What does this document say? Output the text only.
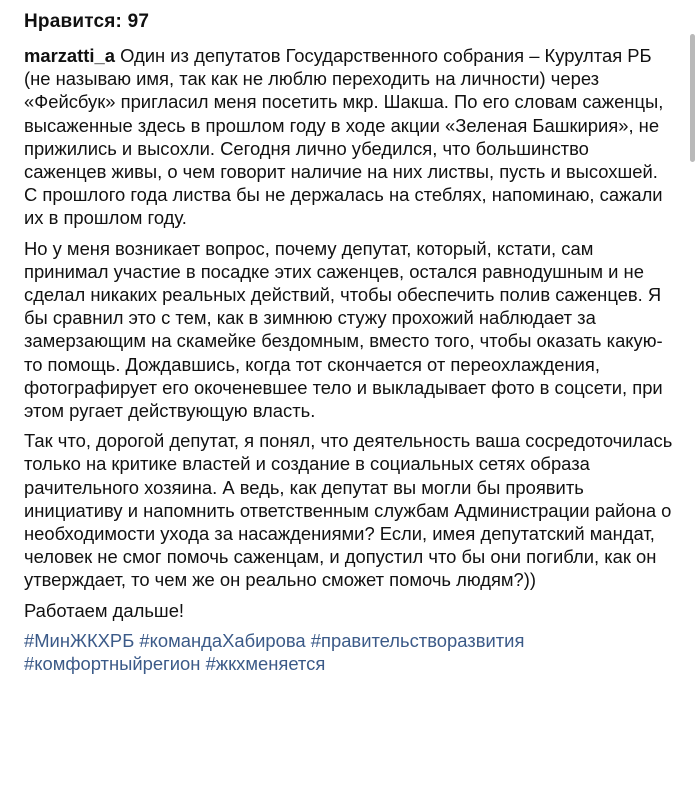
Нравится: 97

marzatti_a Один из депутатов Государственного собрания – Курултая РБ (не называю имя, так как не люблю переходить на личности) через «Фейсбук» пригласил меня посетить мкр. Шакша. По его словам саженцы, высаженные здесь в прошлом году в ходе акции «Зеленая Башкирия», не прижились и высохли. Сегодня лично убедился, что большинство саженцев живы, о чем говорит наличие на них листвы, пусть и высохшей. С прошлого года листва бы не держалась на стеблях, напоминаю, сажали их в прошлом году.

Но у меня возникает вопрос, почему депутат, который, кстати, сам принимал участие в посадке этих саженцев, остался равнодушным и не сделал никаких реальных действий, чтобы обеспечить полив саженцев. Я бы сравнил это с тем, как в зимнюю стужу прохожий наблюдает за замерзающим на скамейке бездомным, вместо того, чтобы оказать какую-то помощь. Дождавшись, когда тот скончается от переохлаждения, фотографирует его окоченевшее тело и выкладывает фото в соцсети, при этом ругает действующую власть.

Так что, дорогой депутат, я понял, что деятельность ваша сосредоточилась только на критике властей и создание в социальных сетях образа рачительного хозяина. А ведь, как депутат вы могли бы проявить инициативу и напомнить ответственным службам Администрации района о необходимости ухода за насаждениями? Если, имея депутатский мандат, человек не смог помочь саженцам, и допустил что бы они погибли, как он утверждает, то чем же он реально сможет помочь людям?))

Работаем дальше!

#МинЖКХРБ #командаХабирова #правительстворазвития #комфортныйрегион #жкхменяется
